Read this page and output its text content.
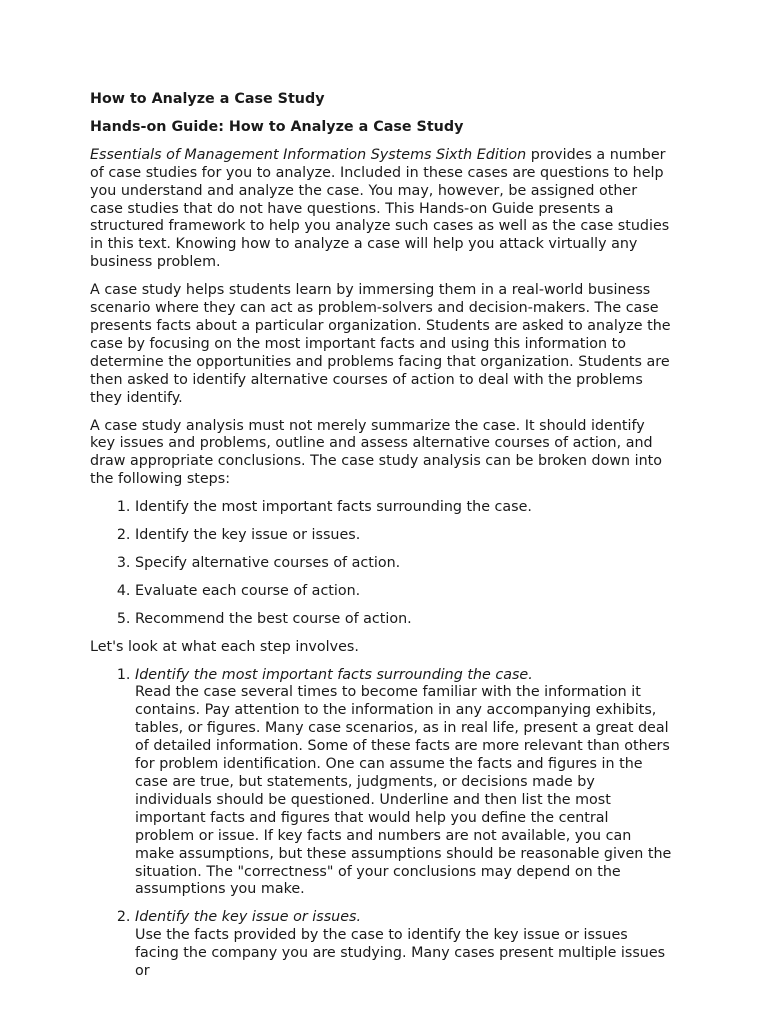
How to Analyze a Case Study
Hands-on Guide: How to Analyze a Case Study

Essentials of Management Information Systems Sixth Edition provides a number of case studies for you to analyze. Included in these cases are questions to help you understand and analyze the case. You may, however, be assigned other case studies that do not have questions. This Hands-on Guide presents a structured framework to help you analyze such cases as well as the case studies in this text. Knowing how to analyze a case will help you attack virtually any business problem.

A case study helps students learn by immersing them in a real-world business scenario where they can act as problem-solvers and decision-makers. The case presents facts about a particular organization. Students are asked to analyze the case by focusing on the most important facts and using this information to determine the opportunities and problems facing that organization. Students are then asked to identify alternative courses of action to deal with the problems they identify.

A case study analysis must not merely summarize the case. It should identify key issues and problems, outline and assess alternative courses of action, and draw appropriate conclusions. The case study analysis can be broken down into the following steps:

1. Identify the most important facts surrounding the case.
2. Identify the key issue or issues.
3. Specify alternative courses of action.
4. Evaluate each course of action.
5. Recommend the best course of action.

Let's look at what each step involves.

1. Identify the most important facts surrounding the case.
Read the case several times to become familiar with the information it contains. Pay attention to the information in any accompanying exhibits, tables, or figures. Many case scenarios, as in real life, present a great deal of detailed information. Some of these facts are more relevant than others for problem identification. One can assume the facts and figures in the case are true, but statements, judgments, or decisions made by individuals should be questioned. Underline and then list the most important facts and figures that would help you define the central problem or issue. If key facts and numbers are not available, you can make assumptions, but these assumptions should be reasonable given the situation. The "correctness" of your conclusions may depend on the assumptions you make.
2. Identify the key issue or issues.
Use the facts provided by the case to identify the key issue or issues facing the company you are studying. Many cases present multiple issues or
